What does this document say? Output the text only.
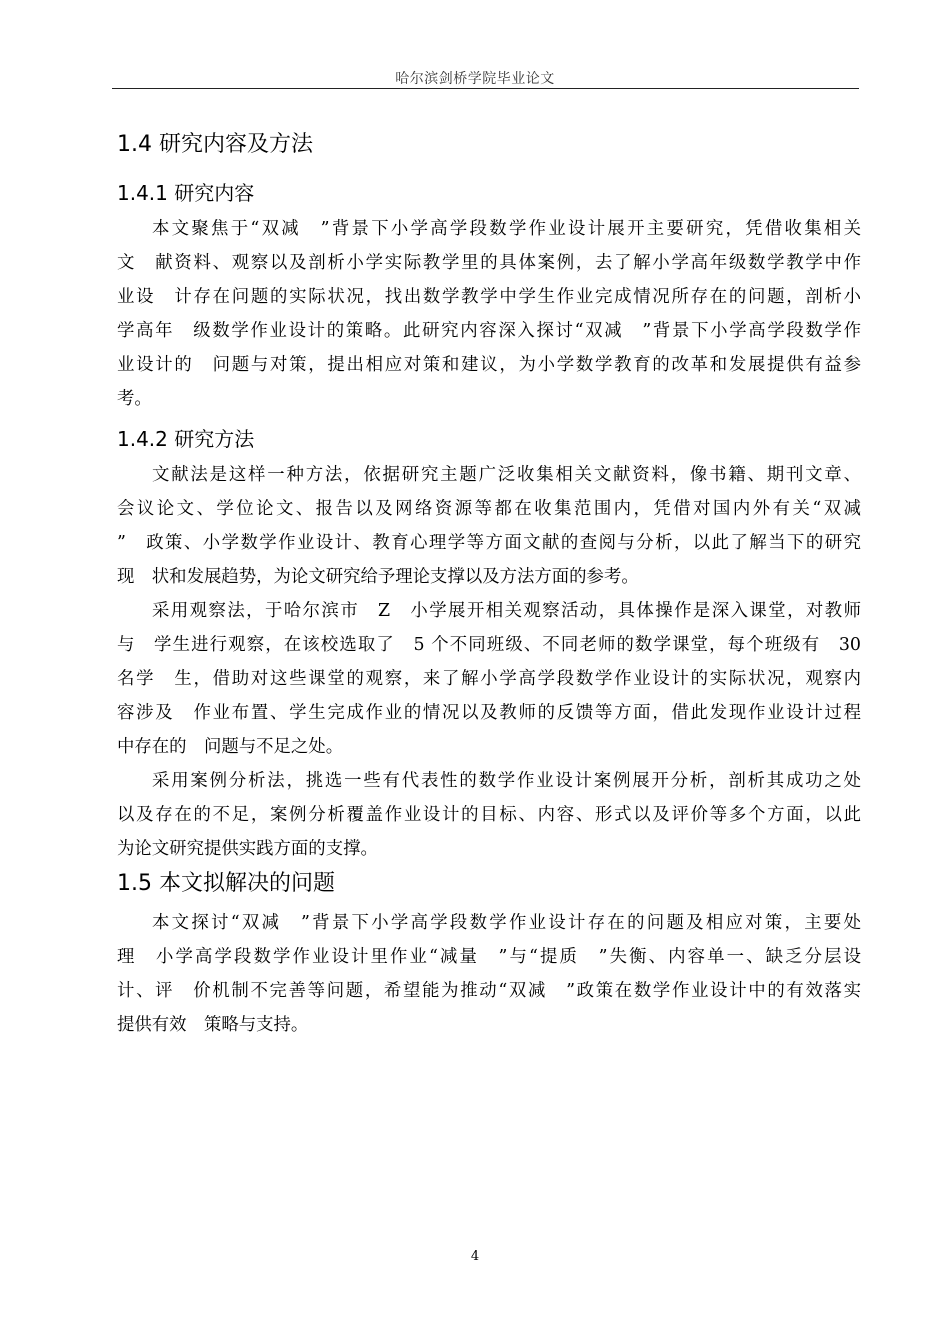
哈尔滨剑桥学院毕业论文
1.4 研究内容及方法
1.4.1 研究内容
本文聚焦于“双减　”背景下小学高学段数学作业设计展开主要研究，凭借收集相关
文　献资料、观察以及剖析小学实际教学里的具体案例，去了解小学高年级数学教学中作
业设　计存在问题的实际状况，找出数学教学中学生作业完成情况所存在的问题，剖析小
学高年　级数学作业设计的策略。此研究内容深入探讨“双减　”背景下小学高学段数学作
业设计的　问题与对策，提出相应对策和建议，为小学数学教育的改革和发展提供有益参
考。
1.4.2 研究方法
文献法是这样一种方法，依据研究主题广泛收集相关文献资料，像书籍、期刊文章、
会议论文、学位论文、报告以及网络资源等都在收集范围内，凭借对国内外有关“双减
”　政策、小学数学作业设计、教育心理学等方面文献的查阅与分析，以此了解当下的研究
现　状和发展趋势，为论文研究给予理论支撑以及方法方面的参考。
采用观察法，于哈尔滨市　Z　小学展开相关观察活动，具体操作是深入课堂，对教师
与　学生进行观察，在该校选取了　5 个不同班级、不同老师的数学课堂，每个班级有　30
名学　生，借助对这些课堂的观察，来了解小学高学段数学作业设计的实际状况，观察内
容涉及　作业布置、学生完成作业的情况以及教师的反馈等方面，借此发现作业设计过程
中存在的　问题与不足之处。
采用案例分析法，挑选一些有代表性的数学作业设计案例展开分析，剖析其成功之处
以及存在的不足，案例分析覆盖作业设计的目标、内容、形式以及评价等多个方面，以此
为论文研究提供实践方面的支撑。
1.5 本文拟解决的问题
本文探讨“双减　”背景下小学高学段数学作业设计存在的问题及相应对策，主要处
理　小学高学段数学作业设计里作业“减量　”与“提质　”失衡、内容单一、缺乏分层设
计、评　价机制不完善等问题，希望能为推动“双减　”政策在数学作业设计中的有效落实
提供有效　策略与支持。
4
